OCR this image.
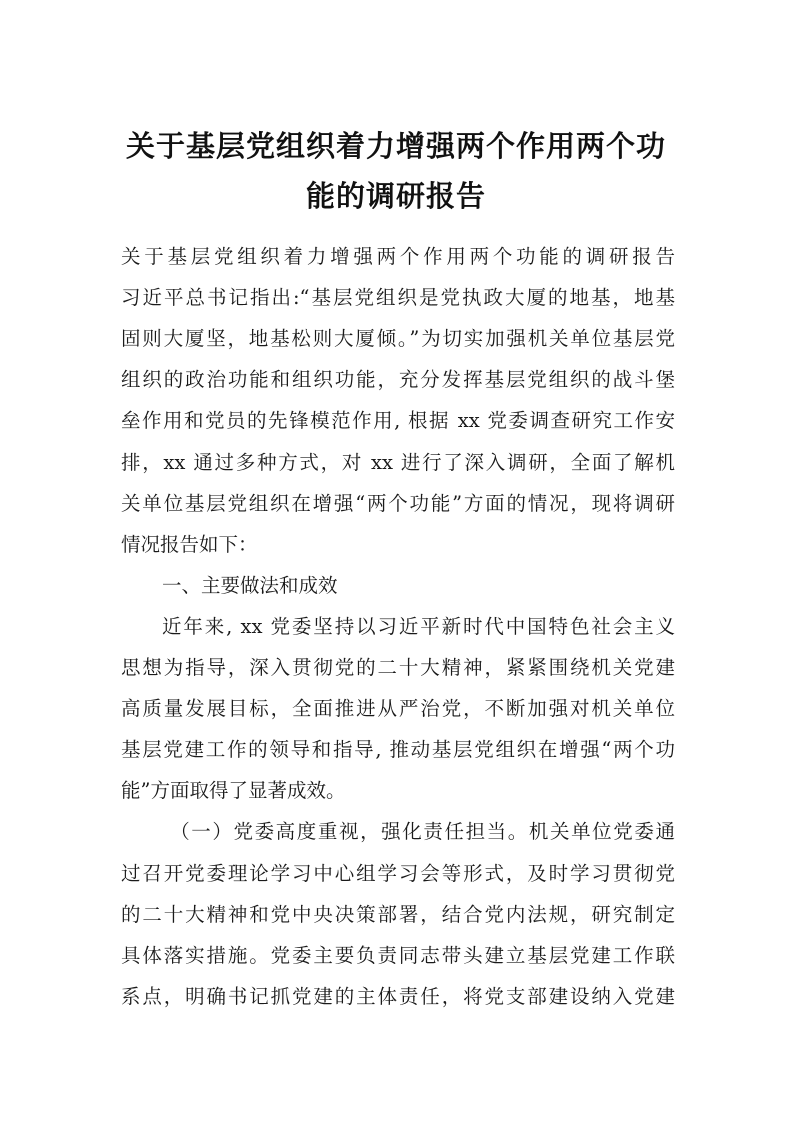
关于基层党组织着力增强两个作用两个功
能的调研报告
关于基层党组织着力增强两个作用两个功能的调研报告
习近平总书记指出:“基层党组织是党执政大厦的地基，地基
固则大厦坚，地基松则大厦倾。”为切实加强机关单位基层党
组织的政治功能和组织功能，充分发挥基层党组织的战斗堡
垒作用和党员的先锋模范作用, 根据 xx 党委调查研究工作安
排，xx 通过多种方式，对 xx 进行了深入调研，全面了解机
关单位基层党组织在增强“两个功能”方面的情况，现将调研
情况报告如下：
一、主要做法和成效
近年来, xx 党委坚持以习近平新时代中国特色社会主义
思想为指导，深入贯彻党的二十大精神，紧紧围绕机关党建
高质量发展目标，全面推进从严治党，不断加强对机关单位
基层党建工作的领导和指导, 推动基层党组织在增强“两个功
能”方面取得了显著成效。
（一）党委高度重视，强化责任担当。机关单位党委通
过召开党委理论学习中心组学习会等形式，及时学习贯彻党
的二十大精神和党中央决策部署，结合党内法规，研究制定
具体落实措施。党委主要负责同志带头建立基层党建工作联
系点，明确书记抓党建的主体责任，将党支部建设纳入党建
